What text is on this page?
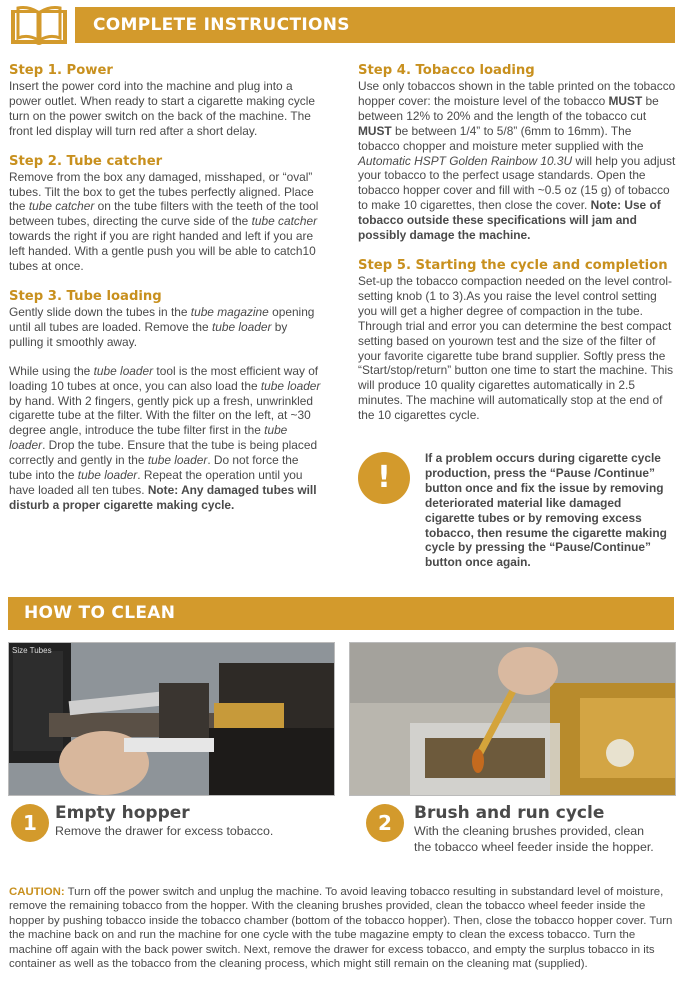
COMPLETE INSTRUCTIONS
Step 1. Power

Insert the power cord into the machine and plug into a power outlet. When ready to start a cigarette making cycle turn on the power switch on the back of the machine. The front led display will turn red after a short delay.

Step 2. Tube catcher

Remove from the box any damaged, misshaped, or “oval” tubes. Tilt the box to get the tubes perfectly aligned. Place the tube catcher on the tube filters with the teeth of the tool between tubes, directing the curve side of the tube catcher towards the right if you are right handed and left if you are left handed. With a gentle push you will be able to catch10 tubes at once.

Step 3. Tube loading

Gently slide down the tubes in the tube magazine opening until all tubes are loaded. Remove the tube loader by pulling it smoothly away.

While using the tube loader tool is the most efficient way of loading 10 tubes at once, you can also load the tube loader by hand. With 2 fingers, gently pick up a fresh, unwrinkled cigarette tube at the filter. With the filter on the left, at ~30 degree angle, introduce the tube filter first in the tube loader. Drop the tube. Ensure that the tube is being placed correctly and gently in the tube loader. Do not force the tube into the tube loader. Repeat the operation until you have loaded all ten tubes. Note: Any damaged tubes will disturb a proper cigarette making cycle.

Step 4. Tobacco loading

Use only tobaccos shown in the table printed on the tobacco hopper cover: the moisture level of the tobacco MUST be between 12% to 20% and the length of the tobacco cut MUST be between 1/4” to 5/8” (6mm to 16mm). The tobacco chopper and moisture meter supplied with the Automatic HSPT Golden Rainbow 10.3U will help you adjust your tobacco to the perfect usage standards. Open the tobacco hopper cover and fill with ~0.5 oz (15 g) of tobacco to make 10 cigarettes, then close the cover. Note: Use of tobacco outside these specifications will jam and possibly damage the machine.

Step 5. Starting the cycle and completion

Set-up the tobacco compaction needed on the level control-setting knob (1 to 3).As you raise the level control setting you will get a higher degree of compaction in the tube. Through trial and error you can determine the best compact setting based on yourown test and the size of the filter of your favorite cigarette tube brand supplier. Softly press the “Start/stop/return” button one time to start the machine. This will produce 10 quality cigarettes automatically in 2.5 minutes. The machine will automatically stop at the end of the 10 cigarettes cycle.

!
If a problem occurs during cigarette cycle production, press the “Pause /Continue” button once and fix the issue by removing deteriorated material like damaged cigarette tubes or by removing excess tobacco, then resume the cigarette making cycle by pressing the “Pause/Continue” button once again.
HOW TO CLEAN
Size Tubes
1	Empty hopper
Remove the drawer for excess tobacco.	2	Brush and run cycle
With the cleaning brushes provided, clean the tobacco wheel feeder inside the hopper.
CAUTION: Turn off the power switch and unplug the machine. To avoid leaving tobacco resulting in substandard level of moisture, remove the remaining tobacco from the hopper. With the cleaning brushes provided, clean the tobacco wheel feeder inside the hopper by pushing tobacco inside the tobacco chamber (bottom of the tobacco hopper). Then, close the tobacco hopper cover. Turn the machine back on and run the machine for one cycle with the tube magazine empty to clean the excess tobacco. Turn the machine off again with the back power switch. Next, remove the drawer for excess tobacco, and empty the surplus tobacco in its container as well as the tobacco from the cleaning process, which might still remain on the cleaning mat (supplied).
